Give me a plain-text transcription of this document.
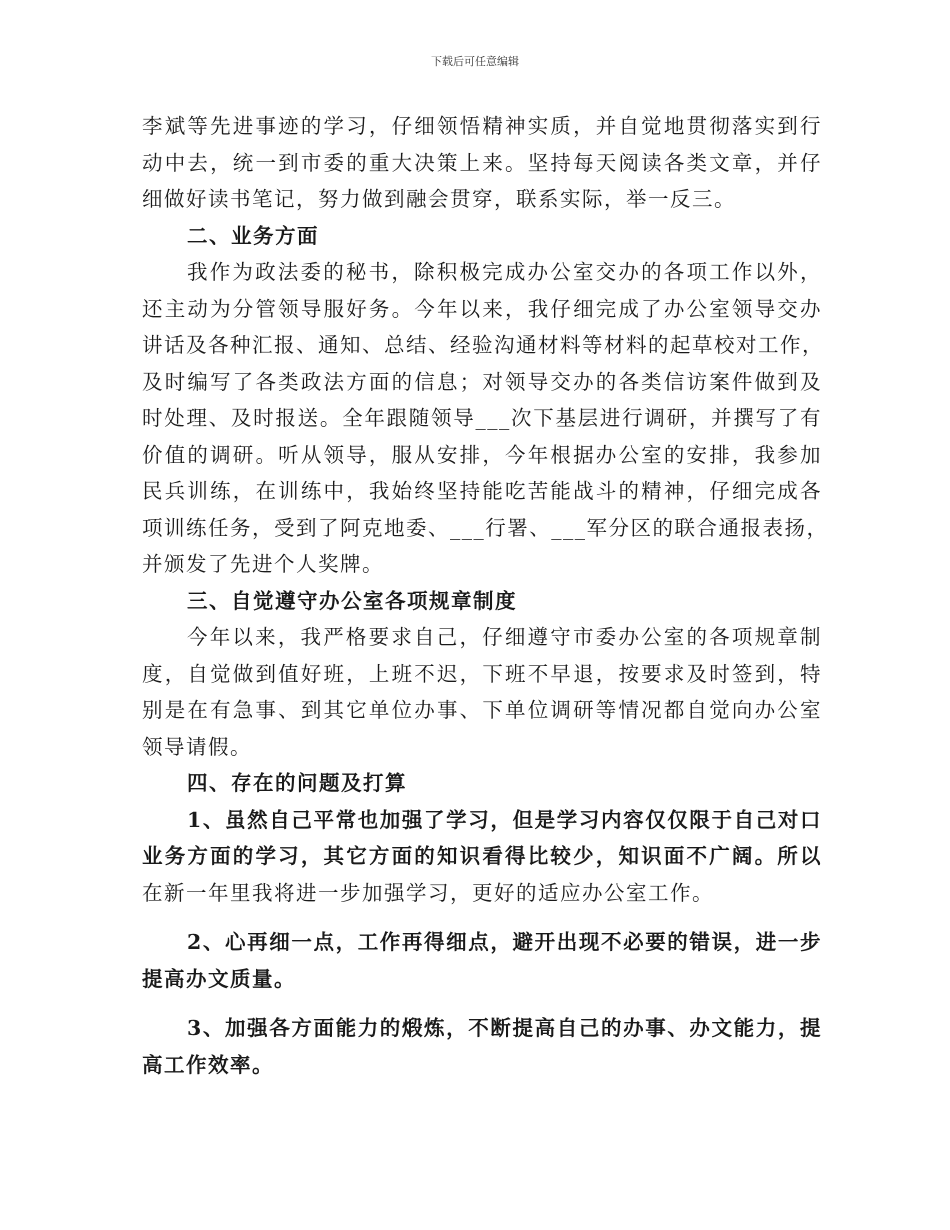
下载后可任意编辑
李斌等先进事迹的学习，仔细领悟精神实质，并自觉地贯彻落实到行
动中去，统一到市委的重大决策上来。坚持每天阅读各类文章，并仔
细做好读书笔记，努力做到融会贯穿，联系实际，举一反三。
二、业务方面
我作为政法委的秘书，除积极完成办公室交办的各项工作以外，
还主动为分管领导服好务。今年以来，我仔细完成了办公室领导交办
讲话及各种汇报、通知、总结、经验沟通材料等材料的起草校对工作，
及时编写了各类政法方面的信息；对领导交办的各类信访案件做到及
时处理、及时报送。全年跟随领导___次下基层进行调研，并撰写了有
价值的调研。听从领导，服从安排，今年根据办公室的安排，我参加
民兵训练，在训练中，我始终坚持能吃苦能战斗的精神，仔细完成各
项训练任务，受到了阿克地委、___行署、___军分区的联合通报表扬，
并颁发了先进个人奖牌。
三、自觉遵守办公室各项规章制度
今年以来，我严格要求自己，仔细遵守市委办公室的各项规章制
度，自觉做到值好班，上班不迟，下班不早退，按要求及时签到，特
别是在有急事、到其它单位办事、下单位调研等情况都自觉向办公室
领导请假。
四、存在的问题及打算
1、虽然自己平常也加强了学习，但是学习内容仅仅限于自己对口
业务方面的学习，其它方面的知识看得比较少，知识面不广阔。所以
在新一年里我将进一步加强学习，更好的适应办公室工作。
2、心再细一点，工作再得细点，避开出现不必要的错误，进一步
提高办文质量。
3、加强各方面能力的煅炼，不断提高自己的办事、办文能力，提
高工作效率。
